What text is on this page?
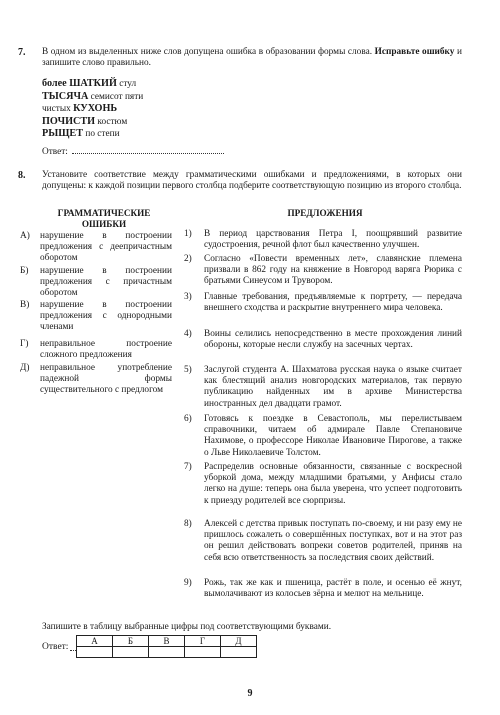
7. В одном из выделенных ниже слов допущена ошибка в образовании формы слова. Исправьте ошибку и запишите слово правильно.
более ШАТКИЙ стул
ТЫСЯЧА семисот пяти
чистых КУХОНЬ
ПОЧИСТИ костюм
РЫЩЕТ по степи
Ответ:
8. Установите соответствие между грамматическими ошибками и предложениями, в которых они допущены: к каждой позиции первого столбца подберите соответствующую позицию из второго столбца.
ГРАММАТИЧЕСКИЕ
ОШИБКИ
ПРЕДЛОЖЕНИЯ
А)	нарушение в построении предложения с деепричастным оборотом
Б)	нарушение в построении предложения с причастным оборотом
В)	нарушение в построении предложения с однородными членами
Г)	неправильное построение сложного предложения
Д)	неправильное употребление падежной формы существительного с предлогом
1)	В период царствования Петра I, поощрявший развитие судостроения, речной флот был качественно улучшен.
2)	Согласно «Повести временных лет», славянские племена призвали в 862 году на княжение в Новгород варяга Рюрика с братьями Синеусом и Трувором.
3)	Главные требования, предъявляемые к портрету, — передача внешнего сходства и раскрытие внутреннего мира человека.
4)	Воины селились непосредственно в месте прохождения линий обороны, которые несли службу на засечных чертах.
5)	Заслугой студента А. Шахматова русская наука о языке считает как блестящий анализ новгородских материалов, так первую публикацию найденных им в архиве Министерства иностранных дел двадцати грамот.
6)	Готовясь к поездке в Севастополь, мы перелистываем справочники, читаем об адмирале Павле Степановиче Нахимове, о профессоре Николае Ивановиче Пирогове, а также о Льве Николаевиче Толстом.
7)	Распределив основные обязанности, связанные с воскресной уборкой дома, между младшими братьями, у Анфисы стало легко на душе: теперь она была уверена, что успеет подготовить к приезду родителей все сюрпризы.
8)	Алексей с детства привык поступать по-своему, и ни разу ему не пришлось сожалеть о совершённых поступках, вот и на этот раз он решил действовать вопреки советов родителей, приняв на себя всю ответственность за последствия своих действий.
9)	Рожь, так же как и пшеница, растёт в поле, и осенью её жнут, вымолачивают из колосьев зёрна и мелют на мельнице.
Запишите в таблицу выбранные цифры под соответствующими буквами.
Ответ:
А	Б	В	Г	Д

9
